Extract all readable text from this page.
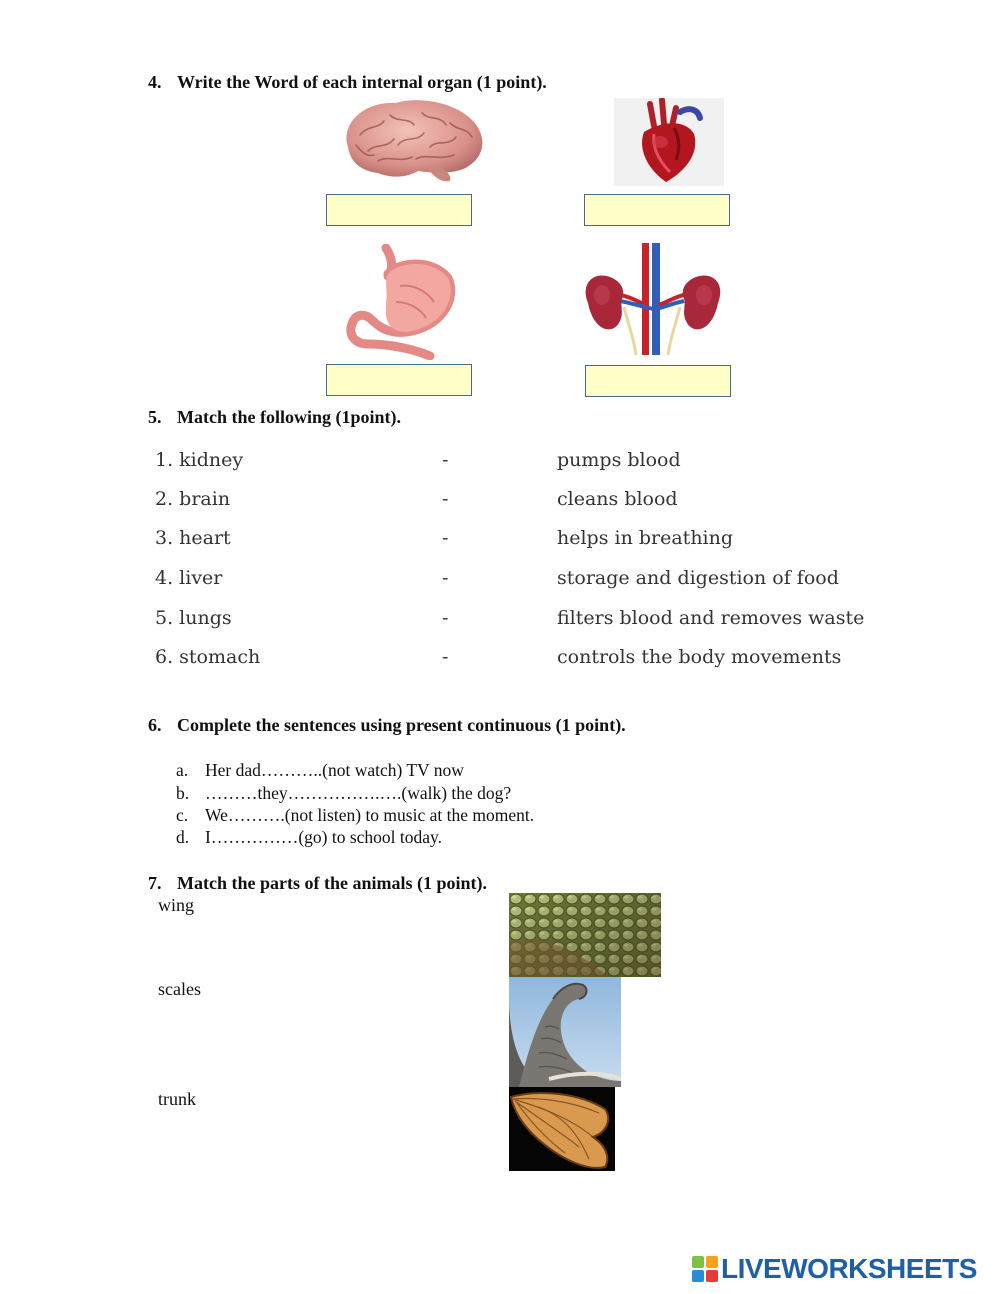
4. Write the Word of each internal organ (1 point).
5. Match the following (1point).
1. kidney
2. brain
3. heart
4. liver
5. lungs
6. stomach
-
-
-
-
-
-
pumps blood
cleans blood
helps in breathing
storage and digestion of food
filters blood and removes waste
controls the body movements
6. Complete the sentences using present continuous (1 point).
a. Her dad………..(not watch) TV now
b. ………they…………….….(walk) the dog?
c. We……….(not listen) to music at the moment.
d. I……………(go) to school today.
7. Match the parts of the animals (1 point).
wing
scales
trunk
LIVEWORKSHEETS
